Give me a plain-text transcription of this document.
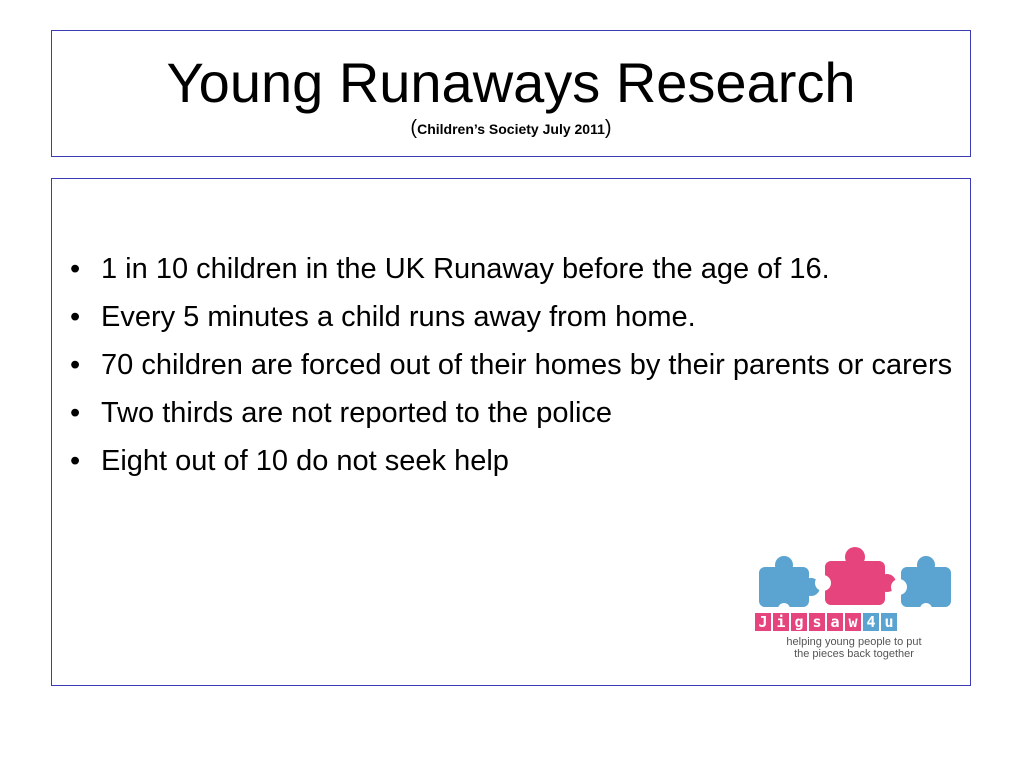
Young Runaways Research
(Children’s Society July 2011)
• 1 in 10 children in the UK Runaway before the age of 16.
• Every 5 minutes a child runs away from home.
• 70 children are forced out of their homes by their parents or carers
• Two thirds are not reported to the police
• Eight out of 10 do not seek help
J i g s a w 4 u
helping young people to put
the pieces back together
